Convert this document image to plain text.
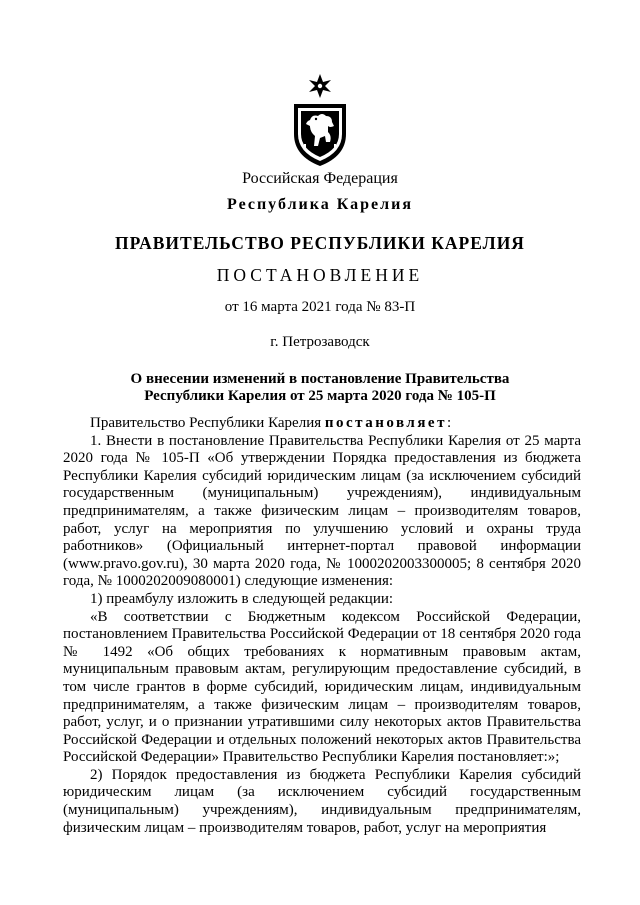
Российская Федерация
Республика Карелия
ПРАВИТЕЛЬСТВО РЕСПУБЛИКИ КАРЕЛИЯ
ПОСТАНОВЛЕНИЕ
от 16 марта 2021 года № 83-П
г. Петрозаводск
О внесении изменений в постановление Правительства
Республики Карелия от 25 марта 2020 года № 105-П

Правительство Республики Карелия постановляет:

1. Внести в постановление Правительства Республики Карелия от 25 марта 2020 года № 105-П «Об утверждении Порядка предоставления из бюджета Республики Карелия субсидий юридическим лицам (за исключением субсидий государственным (муниципальным) учреждениям), индивидуальным предпринимателям, а также физическим лицам – производителям товаров, работ, услуг на мероприятия по улучшению условий и охраны труда работников» (Официальный интернет-портал правовой информации (www.pravo.gov.ru), 30 марта 2020 года, № 1000202003300005; 8 сентября 2020 года, № 1000202009080001) следующие изменения:

1) преамбулу изложить в следующей редакции:

«В соответствии с Бюджетным кодексом Российской Федерации, постановлением Правительства Российской Федерации от 18 сентября 2020 года № 1492 «Об общих требованиях к нормативным правовым актам, муниципальным правовым актам, регулирующим предоставление субсидий, в том числе грантов в форме субсидий, юридическим лицам, индивидуальным предпринимателям, а также физическим лицам – производителям товаров, работ, услуг, и о признании утратившими силу некоторых актов Правительства Российской Федерации и отдельных положений некоторых актов Правительства Российской Федерации» Правительство Республики Карелия постановляет:»;

2) Порядок предоставления из бюджета Республики Карелия субсидий юридическим лицам (за исключением субсидий государственным (муниципальным) учреждениям), индивидуальным предпринимателям, физическим лицам – производителям товаров, работ, услуг на мероприятия
